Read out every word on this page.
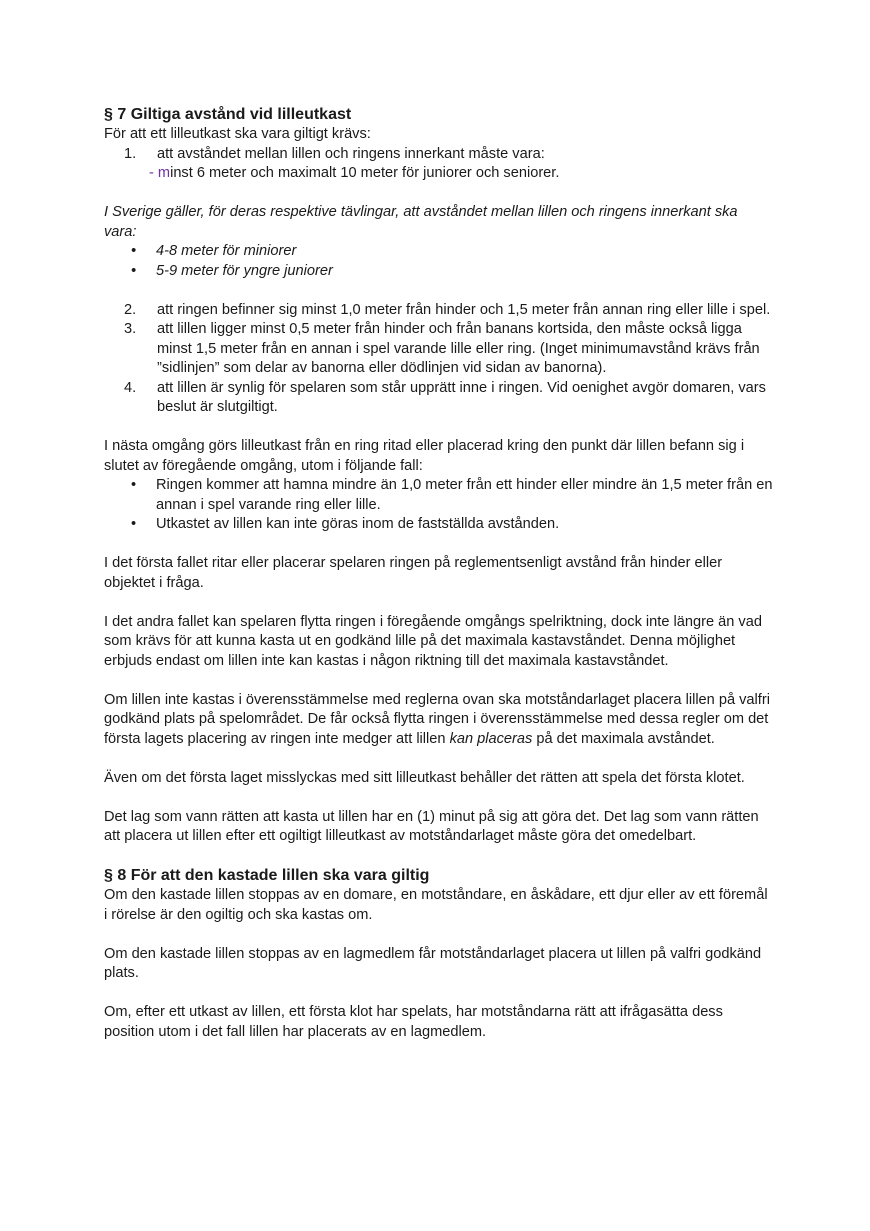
§ 7 Giltiga avstånd vid lilleutkast

För att ett lilleutkast ska vara giltigt krävs:

1.	att avståndet mellan lillen och ringens innerkant måste vara:

- minst 6 meter och maximalt 10 meter för juniorer och seniorer.

I Sverige gäller, för deras respektive tävlingar, att avståndet mellan lillen och ringens innerkant ska vara:

•	4-8 meter för miniorer
•	5-9 meter för yngre juniorer
2.	att ringen befinner sig minst 1,0 meter från hinder och 1,5 meter från annan ring eller lille i spel.
3.	att lillen ligger minst 0,5 meter från hinder och från banans kortsida, den måste också ligga minst 1,5 meter från en annan i spel varande lille eller ring. (Inget minimumavstånd krävs från ”sidlinjen” som delar av banorna eller dödlinjen vid sidan av banorna).
4.	att lillen är synlig för spelaren som står upprätt inne i ringen. Vid oenighet avgör domaren, vars beslut är slutgiltigt.

I nästa omgång görs lilleutkast från en ring ritad eller placerad kring den punkt där lillen befann sig i slutet av föregående omgång, utom i följande fall:

•	Ringen kommer att hamna mindre än 1,0 meter från ett hinder eller mindre än 1,5 meter från en annan i spel varande ring eller lille.
•	Utkastet av lillen kan inte göras inom de fastställda avstånden.

I det första fallet ritar eller placerar spelaren ringen på reglementsenligt avstånd från hinder eller objektet i fråga.

I det andra fallet kan spelaren flytta ringen i föregående omgångs spelriktning, dock inte längre än vad som krävs för att kunna kasta ut en godkänd lille på det maximala kastavståndet. Denna möjlighet erbjuds endast om lillen inte kan kastas i någon riktning till det maximala kastavståndet.

Om lillen inte kastas i överensstämmelse med reglerna ovan ska motståndarlaget placera lillen på valfri godkänd plats på spelområdet. De får också flytta ringen i överensstämmelse med dessa regler om det första lagets placering av ringen inte medger att lillen kan placeras på det maximala avståndet.

Även om det första laget misslyckas med sitt lilleutkast behåller det rätten att spela det första klotet.

Det lag som vann rätten att kasta ut lillen har en (1) minut på sig att göra det. Det lag som vann rätten att placera ut lillen efter ett ogiltigt lilleutkast av motståndarlaget måste göra det omedelbart.

§ 8 För att den kastade lillen ska vara giltig

Om den kastade lillen stoppas av en domare, en motståndare, en åskådare, ett djur eller av ett föremål i rörelse är den ogiltig och ska kastas om.

Om den kastade lillen stoppas av en lagmedlem får motståndarlaget placera ut lillen på valfri godkänd plats.

Om, efter ett utkast av lillen, ett första klot har spelats, har motståndarna rätt att ifrågasätta dess position utom i det fall lillen har placerats av en lagmedlem.
